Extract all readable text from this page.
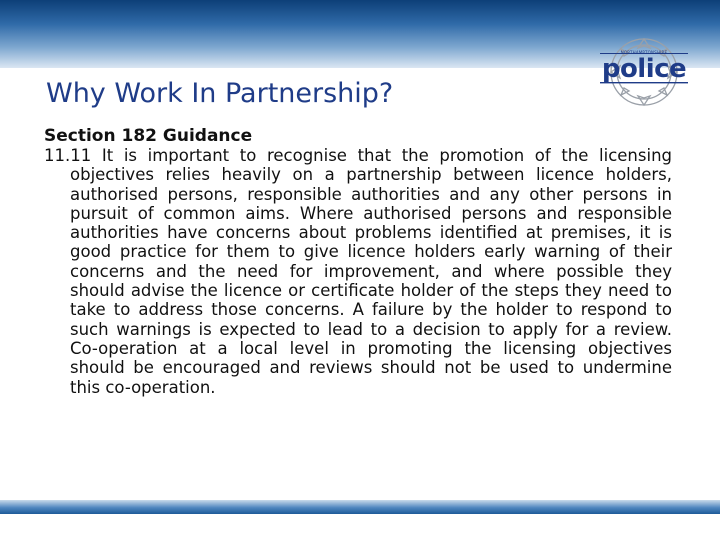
NORTHAMPTONSHIRE
police
Why Work In Partnership?

Section 182 Guidance

11.11 It is important to recognise that the promotion of the licensing objectives relies heavily on a partnership between licence holders, authorised persons, responsible authorities and any other persons in pursuit of common aims. Where authorised persons and responsible authorities have concerns about problems identified at premises, it is good practice for them to give licence holders early warning of their concerns and the need for improvement, and where possible they should advise the licence or certificate holder of the steps they need to take to address those concerns. A failure by the holder to respond to such warnings is expected to lead to a decision to apply for a review. Co-operation at a local level in promoting the licensing objectives should be encouraged and reviews should not be used to undermine this co-operation.
